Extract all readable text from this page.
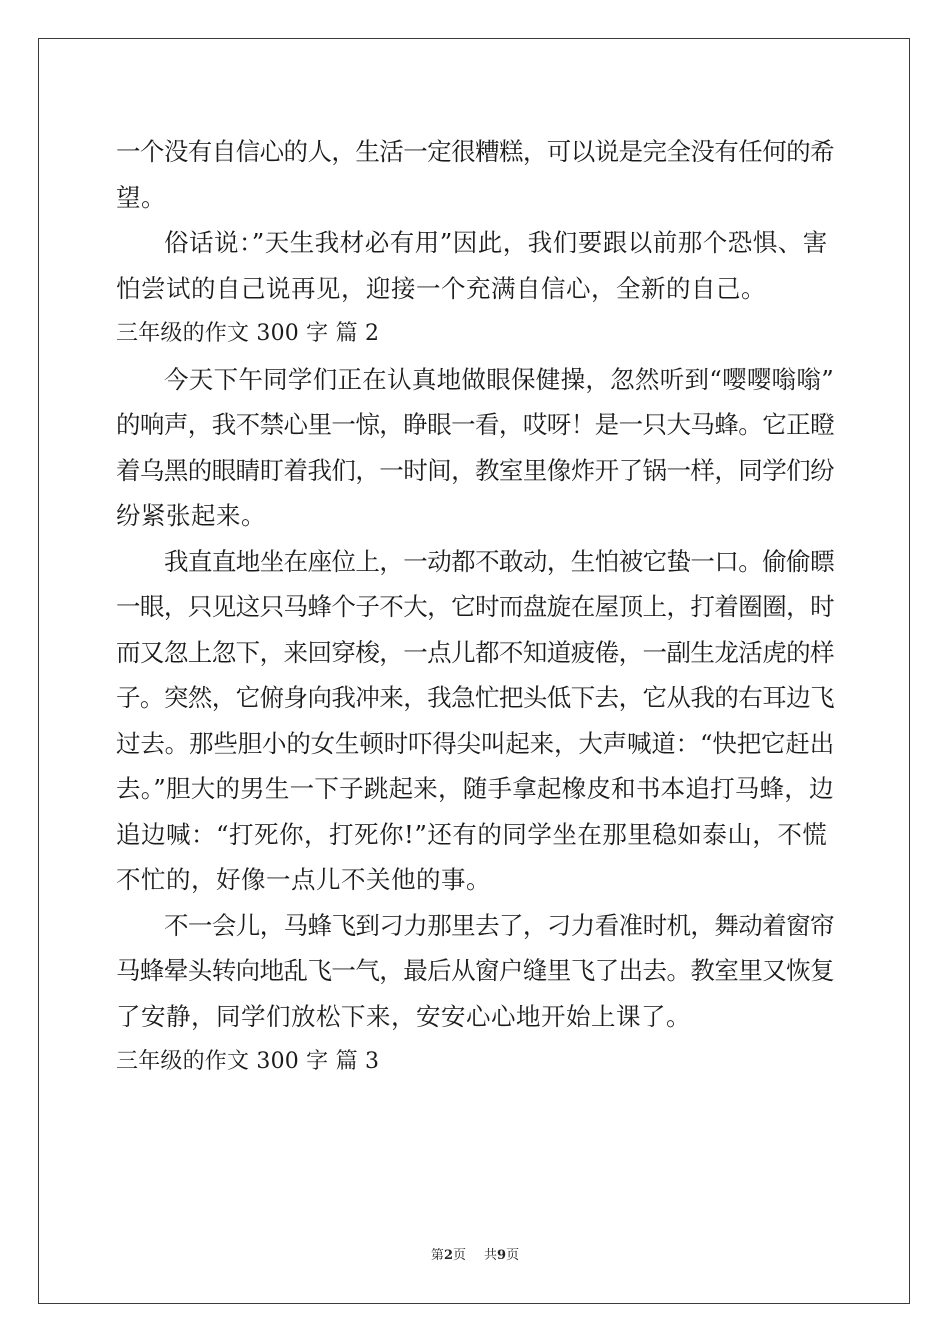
一个没有自信心的人，生活一定很糟糕，可以说是完全没有任何的希
望。
俗话说：”天生我材必有用”因此，我们要跟以前那个恐惧、害
怕尝试的自己说再见，迎接一个充满自信心，全新的自己。
三年级的作文 300 字 篇 2
今天下午同学们正在认真地做眼保健操，忽然听到“嘤嘤嗡嗡”
的响声，我不禁心里一惊，睁眼一看，哎呀！是一只大马蜂。它正瞪
着乌黑的眼睛盯着我们，一时间，教室里像炸开了锅一样，同学们纷
纷紧张起来。
我直直地坐在座位上，一动都不敢动，生怕被它蛰一口。偷偷瞟
一眼，只见这只马蜂个子不大，它时而盘旋在屋顶上，打着圈圈，时
而又忽上忽下，来回穿梭，一点儿都不知道疲倦，一副生龙活虎的样
子。突然，它俯身向我冲来，我急忙把头低下去，它从我的右耳边飞
过去。那些胆小的女生顿时吓得尖叫起来，大声喊道：“快把它赶出
去。”胆大的男生一下子跳起来，随手拿起橡皮和书本追打马蜂，边
追边喊：“打死你，打死你!”还有的同学坐在那里稳如泰山，不慌
不忙的，好像一点儿不关他的事。
不一会儿，马蜂飞到刁力那里去了，刁力看准时机，舞动着窗帘
马蜂晕头转向地乱飞一气，最后从窗户缝里飞了出去。教室里又恢复
了安静，同学们放松下来，安安心心地开始上课了。
三年级的作文 300 字 篇 3
第2页 共9页
